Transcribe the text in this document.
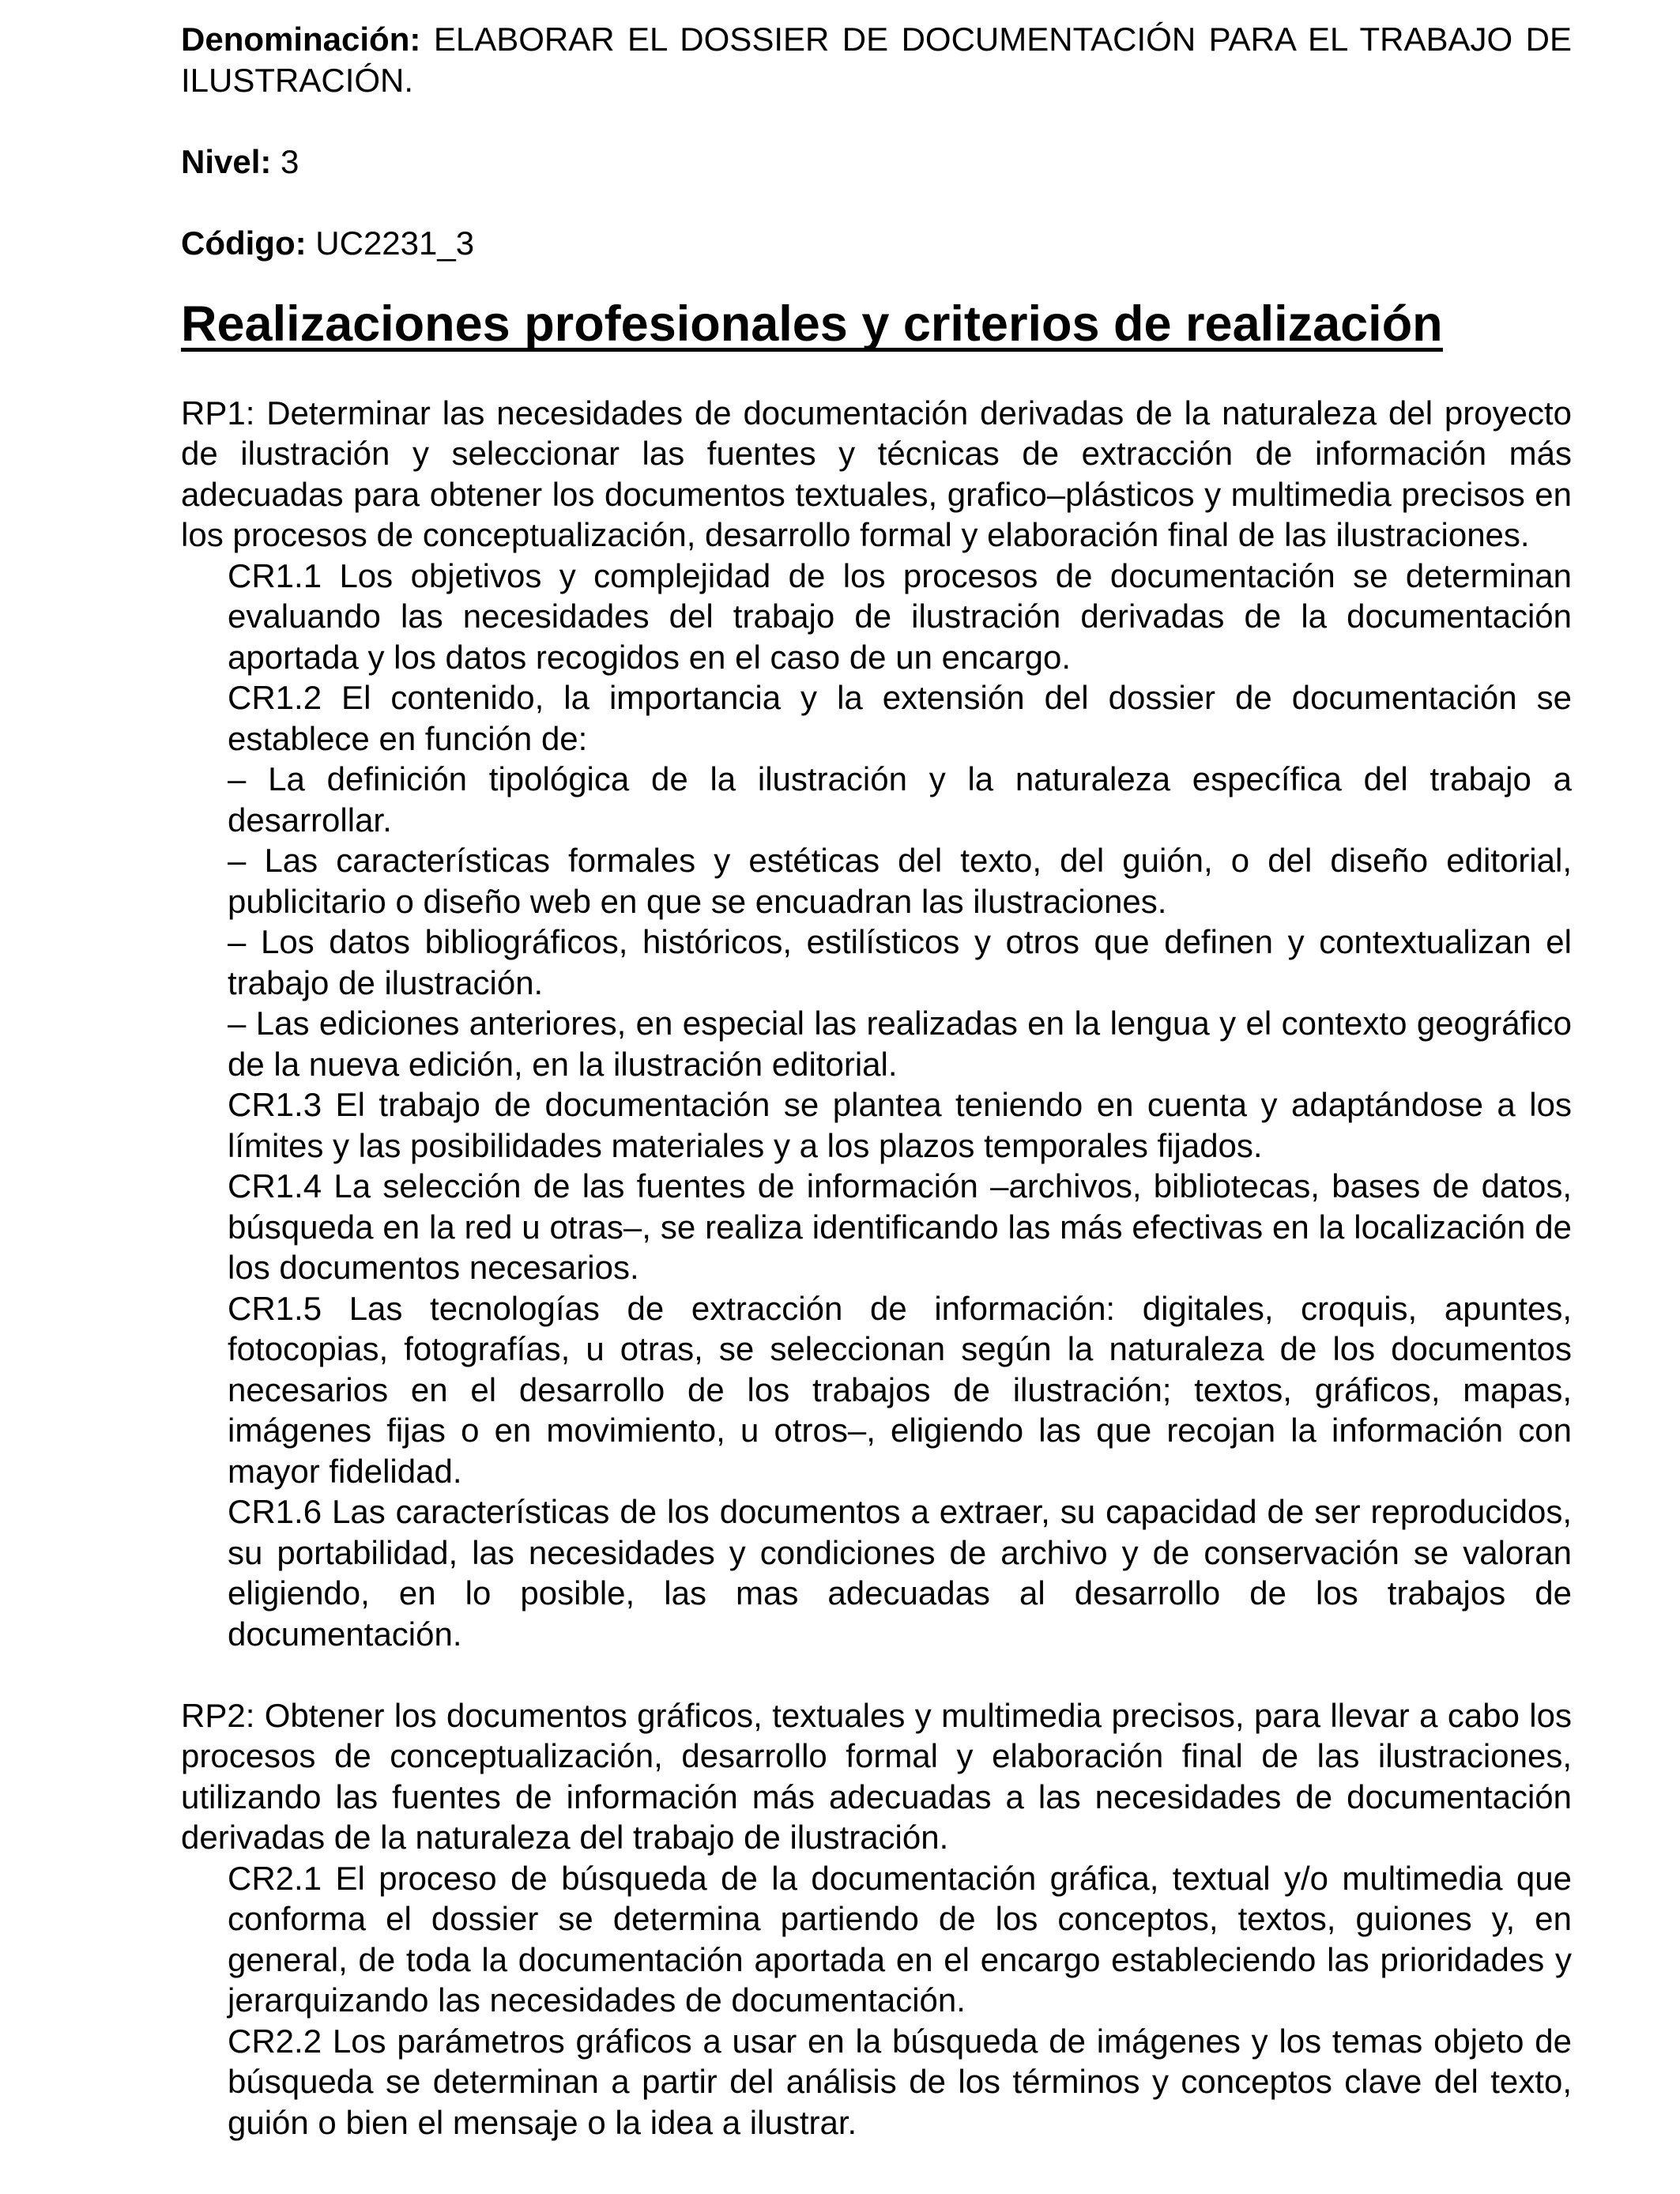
Denominación: ELABORAR EL DOSSIER DE DOCUMENTACIÓN PARA EL TRABAJO DE ILUSTRACIÓN.

Nivel: 3

Código: UC2231_3

Realizaciones profesionales y criterios de realización

RP1: Determinar las necesidades de documentación derivadas de la naturaleza del proyecto de ilustración y seleccionar las fuentes y técnicas de extracción de información más adecuadas para obtener los documentos textuales, grafico–plásticos y multimedia precisos en los procesos de conceptualización, desarrollo formal y elaboración final de las ilustraciones.

CR1.1 Los objetivos y complejidad de los procesos de documentación se determinan evaluando las necesidades del trabajo de ilustración derivadas de la documentación aportada y los datos recogidos en el caso de un encargo.

CR1.2 El contenido, la importancia y la extensión del dossier de documentación se establece en función de:

– La definición tipológica de la ilustración y la naturaleza específica del trabajo a desarrollar.

– Las características formales y estéticas del texto, del guión, o del diseño editorial, publicitario o diseño web en que se encuadran las ilustraciones.

– Los datos bibliográficos, históricos, estilísticos y otros que definen y contextualizan el trabajo de ilustración.

– Las ediciones anteriores, en especial las realizadas en la lengua y el contexto geográfico de la nueva edición, en la ilustración editorial.

CR1.3 El trabajo de documentación se plantea teniendo en cuenta y adaptándose a los límites y las posibilidades materiales y a los plazos temporales fijados.

CR1.4 La selección de las fuentes de información –archivos, bibliotecas, bases de datos, búsqueda en la red u otras–, se realiza identificando las más efectivas en la localización de los documentos necesarios.

CR1.5 Las tecnologías de extracción de información: digitales, croquis, apuntes, fotocopias, fotografías, u otras, se seleccionan según la naturaleza de los documentos necesarios en el desarrollo de los trabajos de ilustración; textos, gráficos, mapas, imágenes fijas o en movimiento, u otros–, eligiendo las que recojan la información con mayor fidelidad.

CR1.6 Las características de los documentos a extraer, su capacidad de ser reproducidos, su portabilidad, las necesidades y condiciones de archivo y de conservación se valoran eligiendo, en lo posible, las mas adecuadas al desarrollo de los trabajos de documentación.

RP2: Obtener los documentos gráficos, textuales y multimedia precisos, para llevar a cabo los procesos de conceptualización, desarrollo formal y elaboración final de las ilustraciones, utilizando las fuentes de información más adecuadas a las necesidades de documentación derivadas de la naturaleza del trabajo de ilustración.

CR2.1 El proceso de búsqueda de la documentación gráfica, textual y/o multimedia que conforma el dossier se determina partiendo de los conceptos, textos, guiones y, en general, de toda la documentación aportada en el encargo estableciendo las prioridades y jerarquizando las necesidades de documentación.

CR2.2 Los parámetros gráficos a usar en la búsqueda de imágenes y los temas objeto de búsqueda se determinan a partir del análisis de los términos y conceptos clave del texto, guión o bien el mensaje o la idea a ilustrar.
